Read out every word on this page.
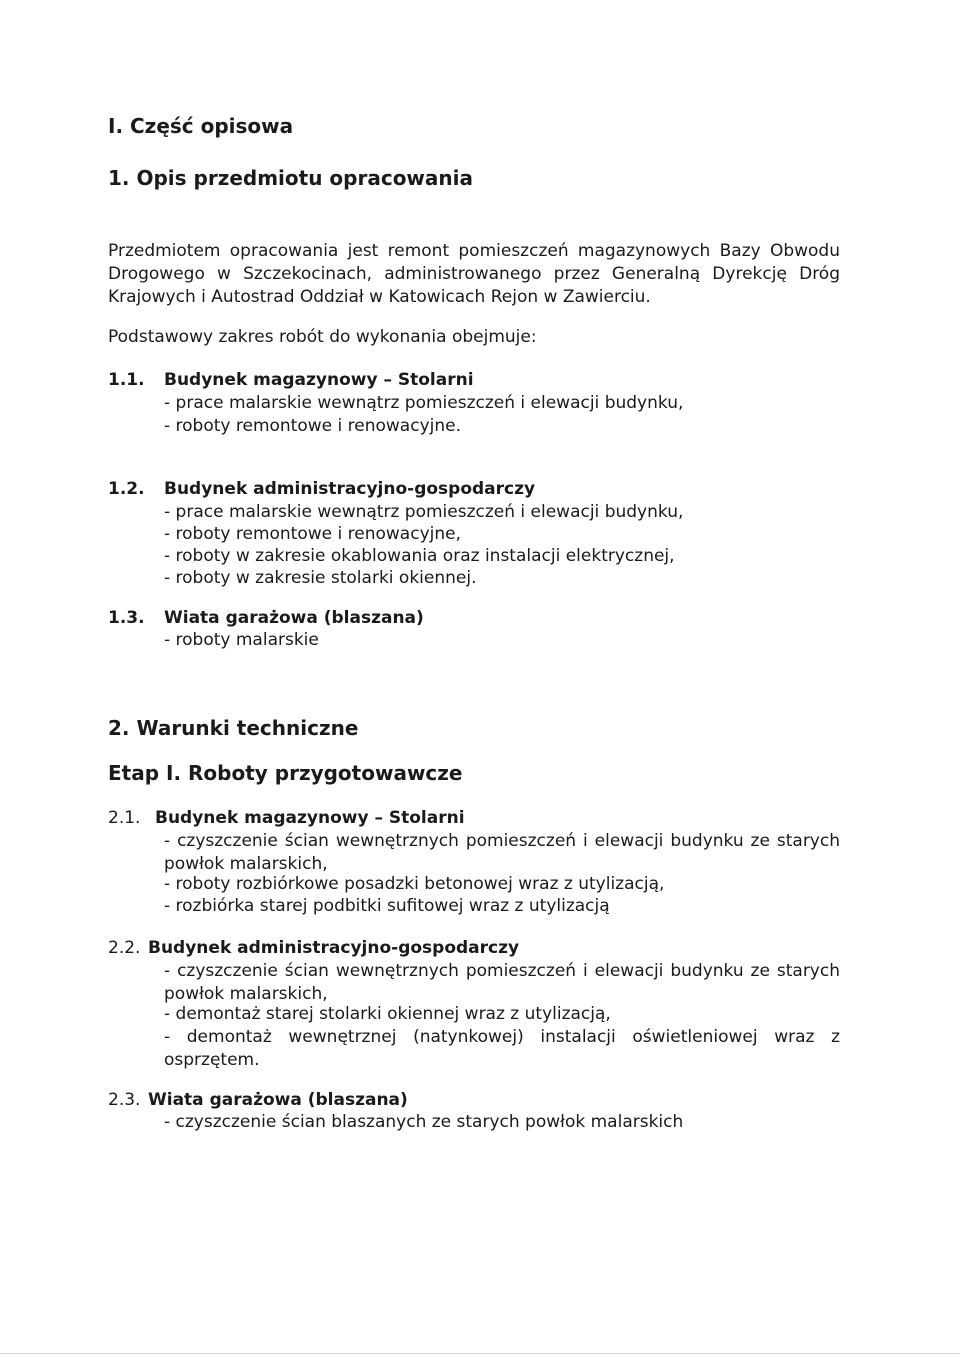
I. Część opisowa
1. Opis przedmiotu opracowania
Przedmiotem opracowania jest remont pomieszczeń magazynowych Bazy Obwodu Drogowego w Szczekocinach, administrowanego przez Generalną Dyrekcję Dróg Krajowych i Autostrad Oddział w Katowicach Rejon w Zawierciu.
Podstawowy zakres robót do wykonania obejmuje:
1.1. Budynek magazynowy – Stolarni
- prace malarskie wewnątrz pomieszczeń i elewacji budynku,
- roboty remontowe i renowacyjne.
1.2. Budynek administracyjno-gospodarczy
- prace malarskie wewnątrz pomieszczeń i elewacji budynku,
- roboty remontowe i renowacyjne,
- roboty w zakresie okablowania oraz instalacji elektrycznej,
- roboty w zakresie stolarki okiennej.
1.3. Wiata garażowa (blaszana)
- roboty malarskie
2. Warunki techniczne
Etap I. Roboty przygotowawcze
2.1. Budynek magazynowy – Stolarni
- czyszczenie ścian wewnętrznych pomieszczeń i elewacji budynku ze starych powłok malarskich,
- roboty rozbiórkowe posadzki betonowej wraz z utylizacją,
- rozbiórka starej podbitki sufitowej wraz z utylizacją
2.2. Budynek administracyjno-gospodarczy
- czyszczenie ścian wewnętrznych pomieszczeń i elewacji budynku ze starych powłok malarskich,
- demontaż starej stolarki okiennej wraz z utylizacją,
- demontaż wewnętrznej (natynkowej) instalacji oświetleniowej wraz z osprzętem.
2.3. Wiata garażowa (blaszana)
- czyszczenie ścian blaszanych ze starych powłok malarskich
